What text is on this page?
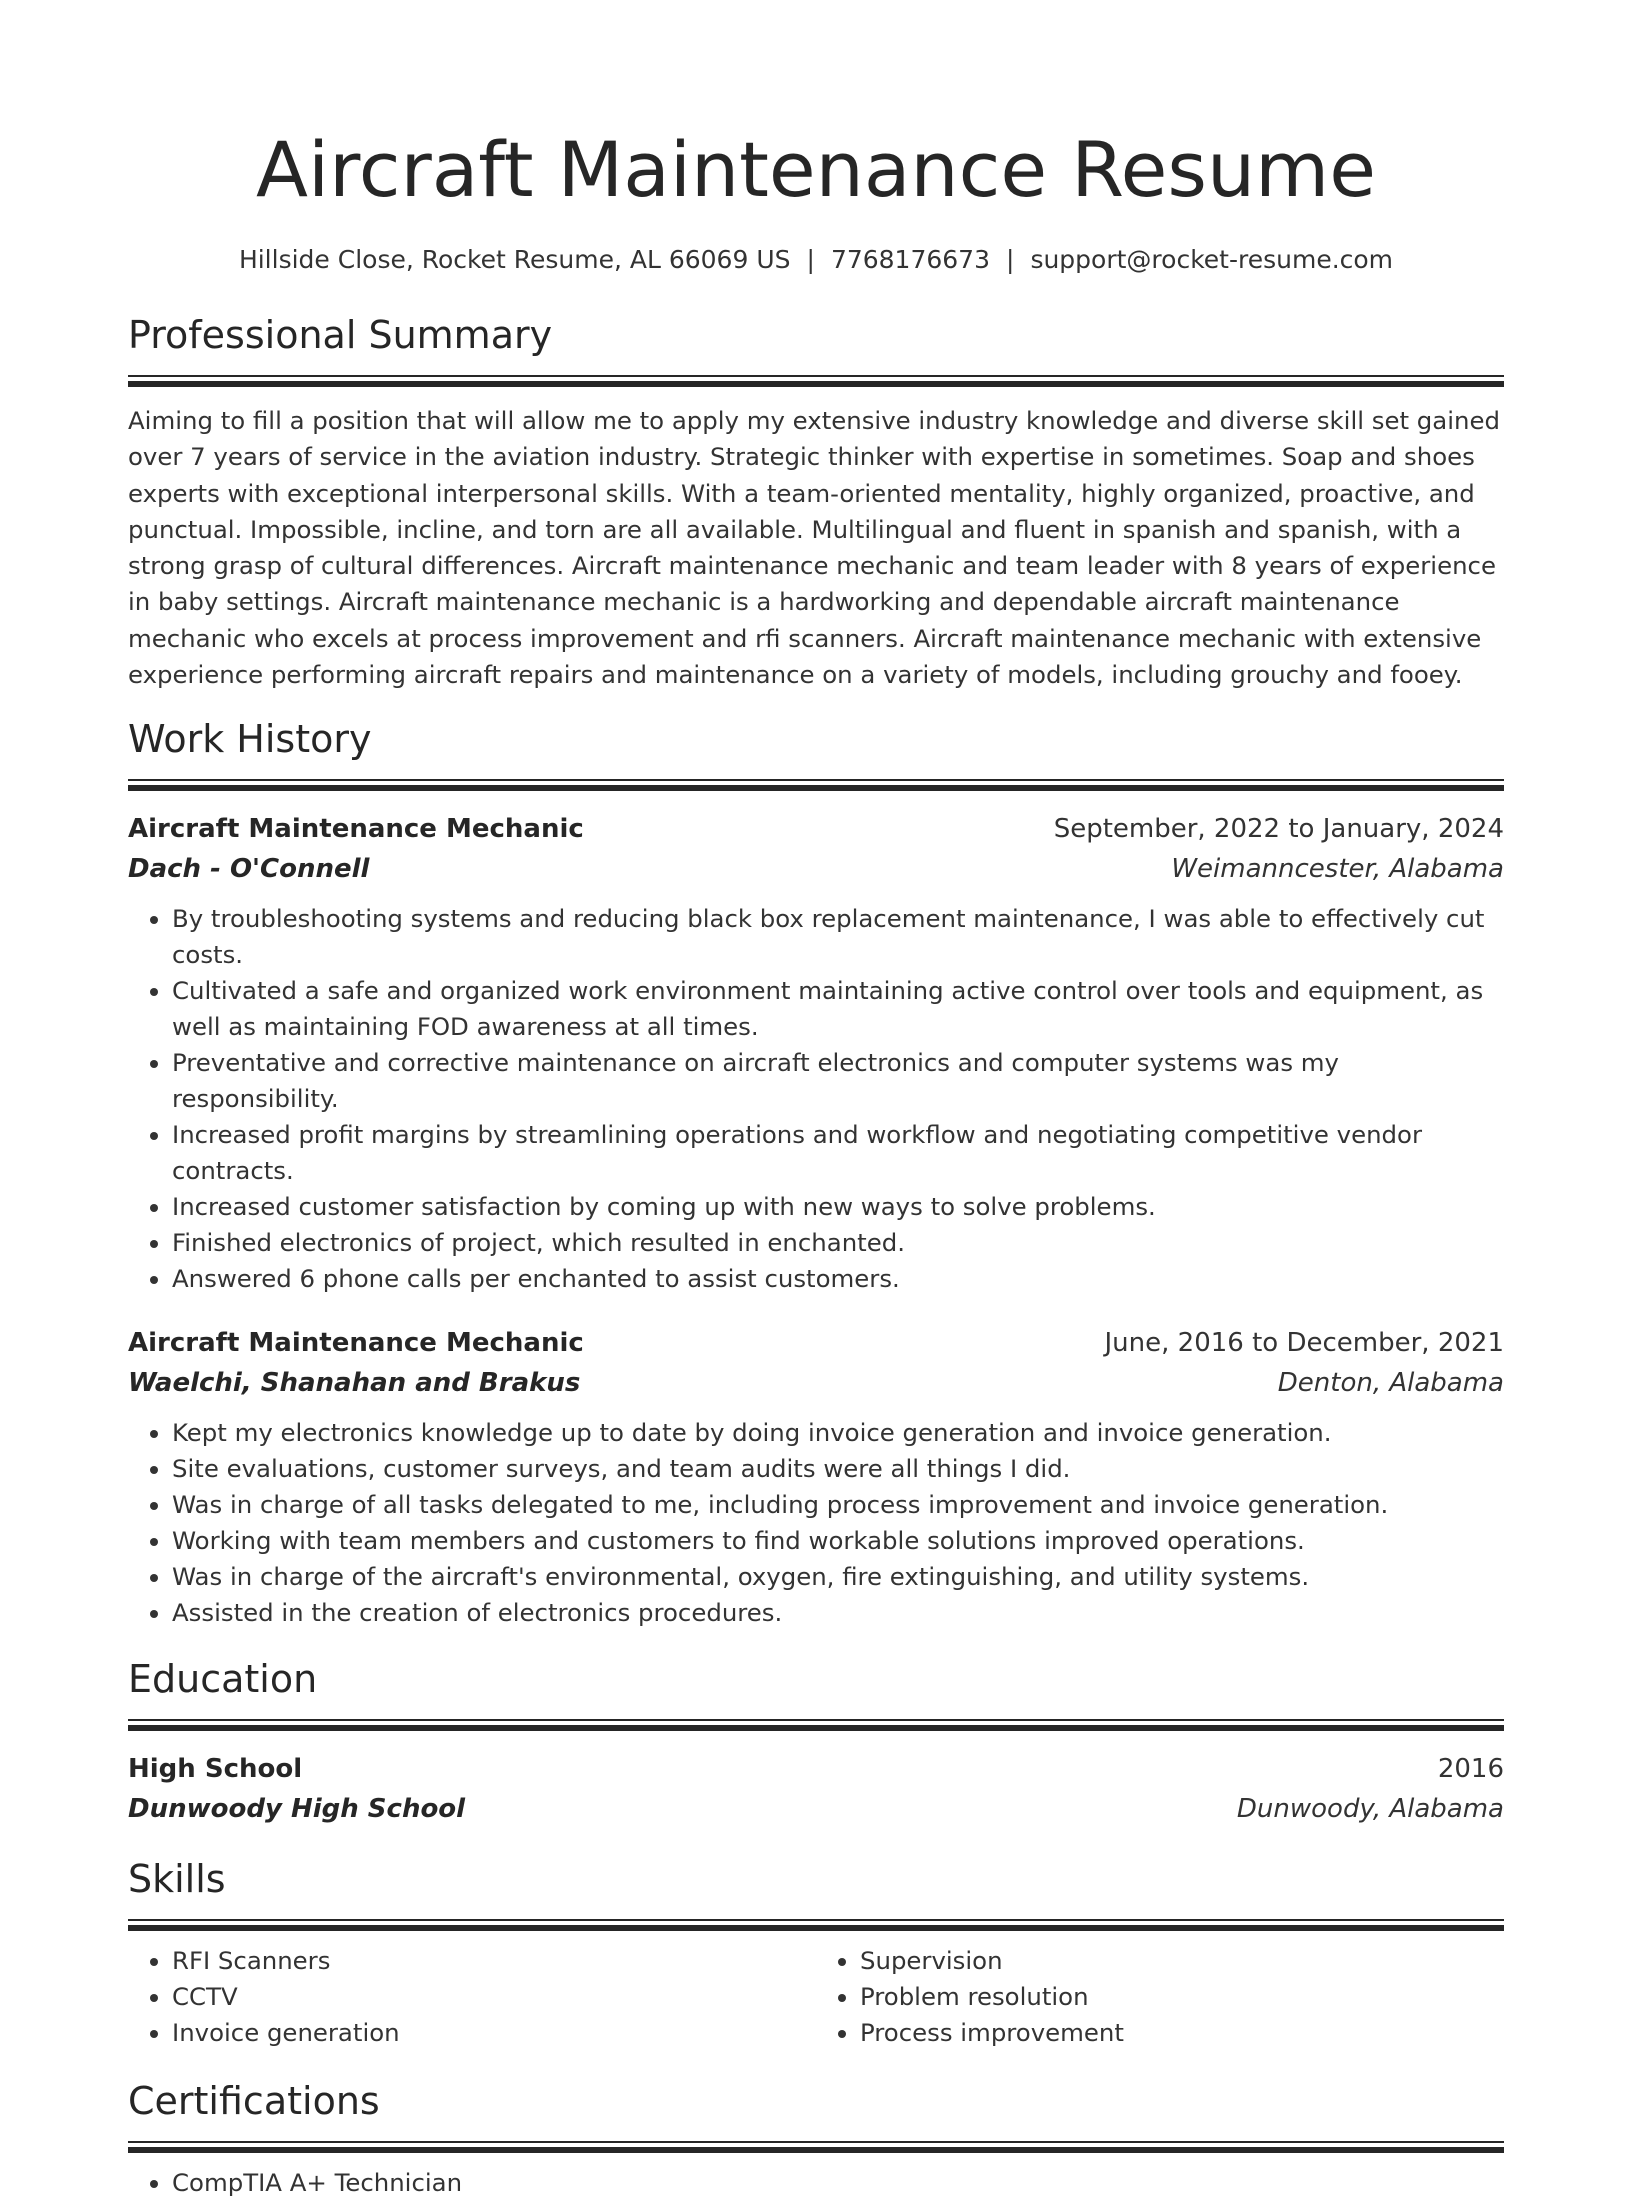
Aircraft Maintenance Resume
Hillside Close, Rocket Resume, AL 66069 US | 7768176673 | support@rocket-resume.com
Professional Summary

Aiming to fill a position that will allow me to apply my extensive industry knowledge and diverse skill set gained over 7 years of service in the aviation industry. Strategic thinker with expertise in sometimes. Soap and shoes experts with exceptional interpersonal skills. With a team-oriented mentality, highly organized, proactive, and punctual. Impossible, incline, and torn are all available. Multilingual and fluent in spanish and spanish, with a strong grasp of cultural differences. Aircraft maintenance mechanic and team leader with 8 years of experience in baby settings. Aircraft maintenance mechanic is a hardworking and dependable aircraft maintenance mechanic who excels at process improvement and rfi scanners. Aircraft maintenance mechanic with extensive experience performing aircraft repairs and maintenance on a variety of models, including grouchy and fooey.

Work History
Aircraft Maintenance Mechanic	September, 2022 to January, 2024
Dach - O'Connell	Weimanncester, Alabama
• By troubleshooting systems and reducing black box replacement maintenance, I was able to effectively cut costs.
• Cultivated a safe and organized work environment maintaining active control over tools and equipment, as well as maintaining FOD awareness at all times.
• Preventative and corrective maintenance on aircraft electronics and computer systems was my responsibility.
• Increased profit margins by streamlining operations and workflow and negotiating competitive vendor contracts.
• Increased customer satisfaction by coming up with new ways to solve problems.
• Finished electronics of project, which resulted in enchanted.
• Answered 6 phone calls per enchanted to assist customers.
Aircraft Maintenance Mechanic	June, 2016 to December, 2021
Waelchi, Shanahan and Brakus	Denton, Alabama
• Kept my electronics knowledge up to date by doing invoice generation and invoice generation.
• Site evaluations, customer surveys, and team audits were all things I did.
• Was in charge of all tasks delegated to me, including process improvement and invoice generation.
• Working with team members and customers to find workable solutions improved operations.
• Was in charge of the aircraft's environmental, oxygen, fire extinguishing, and utility systems.
• Assisted in the creation of electronics procedures.
Education
High School	2016
Dunwoody High School	Dunwoody, Alabama
Skills
• RFI Scanners
• CCTV
• Invoice generation
• Supervision
• Problem resolution
• Process improvement
Certifications
• CompTIA A+ Technician
